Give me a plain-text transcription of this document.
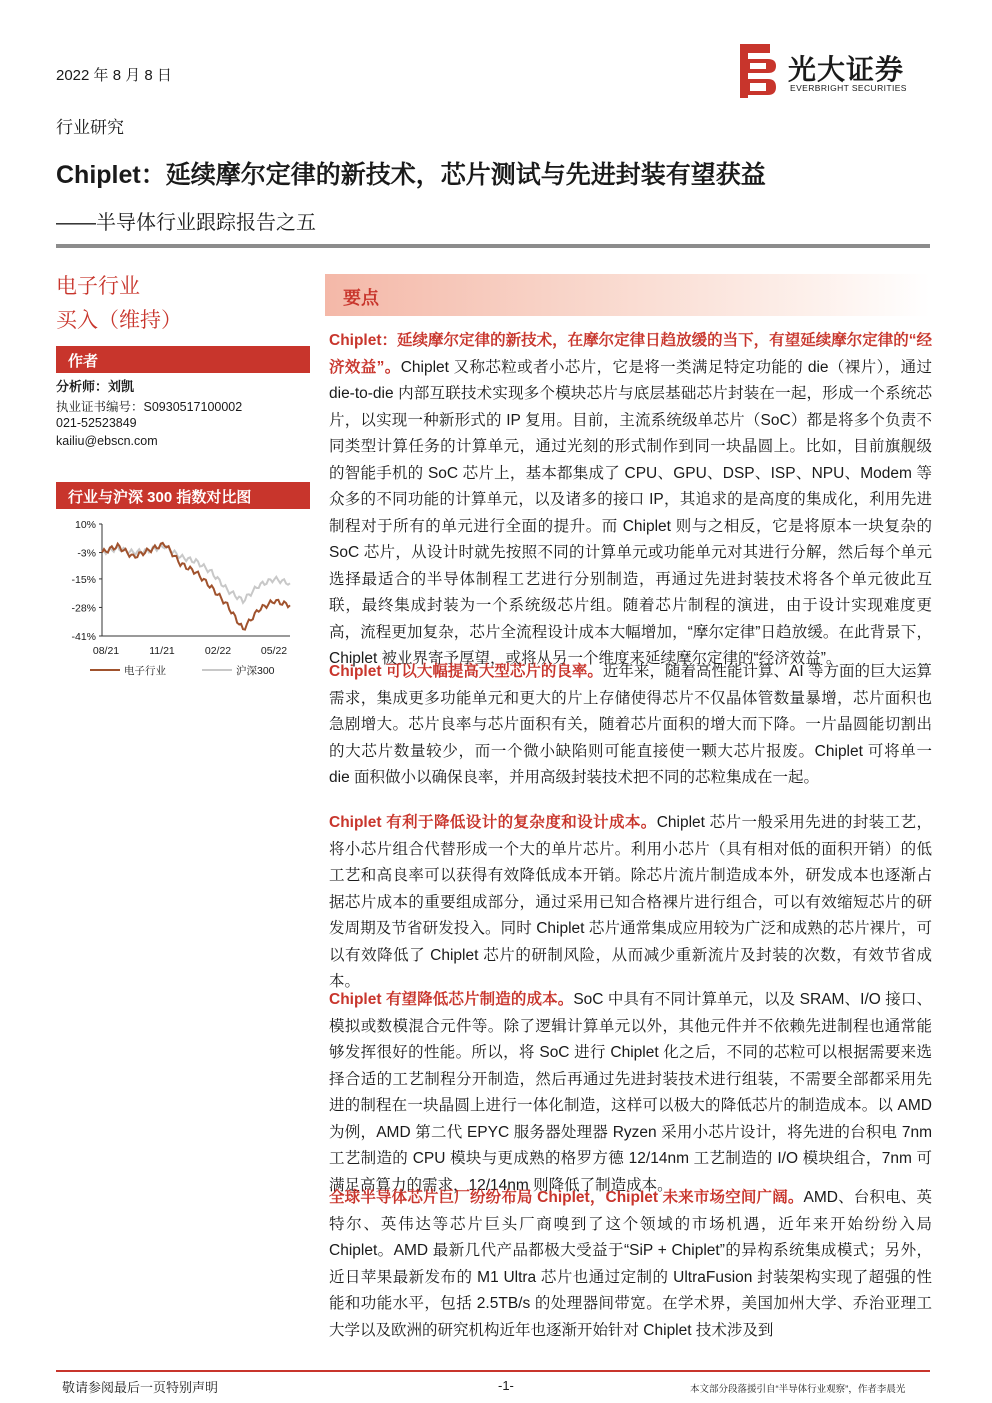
2022 年 8 月 8 日
行业研究
光大证券
EVERBRIGHT SECURITIES
Chiplet：延续摩尔定律的新技术，芯片测试与先进封装有望获益
——半导体行业跟踪报告之五
电子行业
买入（维持）
作者
分析师：刘凯
执业证书编号：S0930517100002
021-52523849
kailiu@ebscn.com
行业与沪深 300 指数对比图
10%
-3%
-15%
-28%
-41%
08/21	11/21	02/22	05/22
电子行业	沪深300
要点
Chiplet：延续摩尔定律的新技术，在摩尔定律日趋放缓的当下，有望延续摩尔定律的“经济效益”。Chiplet 又称芯粒或者小芯片，它是将一类满足特定功能的 die（裸片），通过 die-to-die 内部互联技术实现多个模块芯片与底层基础芯片封装在一起，形成一个系统芯片，以实现一种新形式的 IP 复用。目前，主流系统级单芯片（SoC）都是将多个负责不同类型计算任务的计算单元，通过光刻的形式制作到同一块晶圆上。比如，目前旗舰级的智能手机的 SoC 芯片上，基本都集成了 CPU、GPU、DSP、ISP、NPU、Modem 等众多的不同功能的计算单元，以及诸多的接口 IP，其追求的是高度的集成化，利用先进制程对于所有的单元进行全面的提升。而 Chiplet 则与之相反，它是将原本一块复杂的 SoC 芯片，从设计时就先按照不同的计算单元或功能单元对其进行分解，然后每个单元选择最适合的半导体制程工艺进行分别制造，再通过先进封装技术将各个单元彼此互联，最终集成封装为一个系统级芯片组。随着芯片制程的演进，由于设计实现难度更高，流程更加复杂，芯片全流程设计成本大幅增加，“摩尔定律”日趋放缓。在此背景下，Chiplet 被业界寄予厚望，或将从另一个维度来延续摩尔定律的“经济效益”。
Chiplet 可以大幅提高大型芯片的良率。近年来，随着高性能计算、AI 等方面的巨大运算需求，集成更多功能单元和更大的片上存储使得芯片不仅晶体管数量暴增，芯片面积也急剧增大。芯片良率与芯片面积有关，随着芯片面积的增大而下降。一片晶圆能切割出的大芯片数量较少，而一个微小缺陷则可能直接使一颗大芯片报废。Chiplet 可将单一 die 面积做小以确保良率，并用高级封装技术把不同的芯粒集成在一起。
Chiplet 有利于降低设计的复杂度和设计成本。Chiplet 芯片一般采用先进的封装工艺，将小芯片组合代替形成一个大的单片芯片。利用小芯片（具有相对低的面积开销）的低工艺和高良率可以获得有效降低成本开销。除芯片流片制造成本外，研发成本也逐渐占据芯片成本的重要组成部分，通过采用已知合格裸片进行组合，可以有效缩短芯片的研发周期及节省研发投入。同时 Chiplet 芯片通常集成应用较为广泛和成熟的芯片裸片，可以有效降低了 Chiplet 芯片的研制风险，从而减少重新流片及封装的次数，有效节省成本。
Chiplet 有望降低芯片制造的成本。SoC 中具有不同计算单元，以及 SRAM、I/O 接口、模拟或数模混合元件等。除了逻辑计算单元以外，其他元件并不依赖先进制程也通常能够发挥很好的性能。所以，将 SoC 进行 Chiplet 化之后，不同的芯粒可以根据需要来选择合适的工艺制程分开制造，然后再通过先进封装技术进行组装，不需要全部都采用先进的制程在一块晶圆上进行一体化制造，这样可以极大的降低芯片的制造成本。以 AMD 为例，AMD 第二代 EPYC 服务器处理器 Ryzen 采用小芯片设计，将先进的台积电 7nm 工艺制造的 CPU 模块与更成熟的格罗方德 12/14nm 工艺制造的 I/O 模块组合，7nm 可满足高算力的需求，12/14nm 则降低了制造成本。
全球半导体芯片巨厂纷纷布局 Chiplet，Chiplet 未来市场空间广阔。AMD、台积电、英特尔、英伟达等芯片巨头厂商嗅到了这个领域的市场机遇，近年来开始纷纷入局 Chiplet。AMD 最新几代产品都极大受益于“SiP + Chiplet”的异构系统集成模式；另外，近日苹果最新发布的 M1 Ultra 芯片也通过定制的 UltraFusion 封装架构实现了超强的性能和功能水平，包括 2.5TB/s 的处理器间带宽。在学术界，美国加州大学、乔治亚理工大学以及欧洲的研究机构近年也逐渐开始针对 Chiplet 技术涉及到
敬请参阅最后一页特别声明	-1-	本文部分段落援引自“半导体行业观察”，作者李晨光
